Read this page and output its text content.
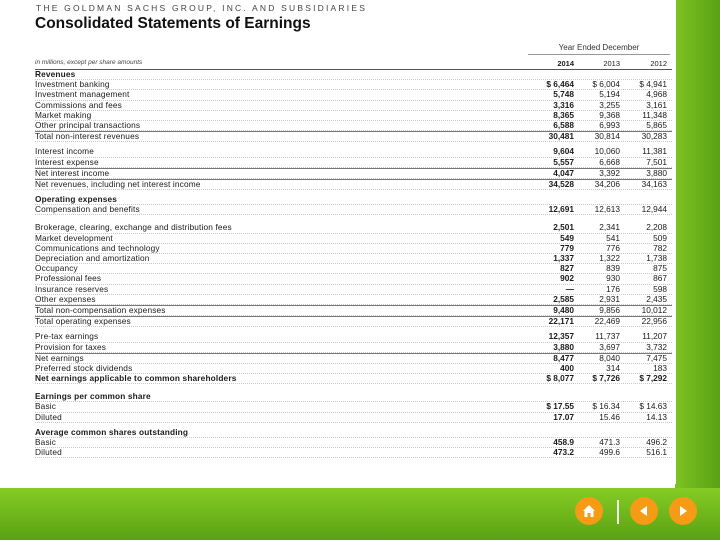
THE GOLDMAN SACHS GROUP, INC. AND SUBSIDIARIES
Consolidated Statements of Earnings
Year Ended December
in millions, except per share amounts	2014	2013	2012
Revenues
Investment banking	$ 6,464	$ 6,004	$ 4,941
Investment management	5,748	5,194	4,968
Commissions and fees	3,316	3,255	3,161
Market making	8,365	9,368	11,348
Other principal transactions	6,588	6,993	5,865
Total non-interest revenues	30,481	30,814	30,283
Interest income	9,604	10,060	11,381
Interest expense	5,557	6,668	7,501
Net interest income	4,047	3,392	3,880
Net revenues, including net interest income	34,528	34,206	34,163
Operating expenses
Compensation and benefits	12,691	12,613	12,944
Brokerage, clearing, exchange and distribution fees	2,501	2,341	2,208
Market development	549	541	509
Communications and technology	779	776	782
Depreciation and amortization	1,337	1,322	1,738
Occupancy	827	839	875
Professional fees	902	930	867
Insurance reserves	—	176	598
Other expenses	2,585	2,931	2,435
Total non-compensation expenses	9,480	9,856	10,012
Total operating expenses	22,171	22,469	22,956
Pre-tax earnings	12,357	11,737	11,207
Provision for taxes	3,880	3,697	3,732
Net earnings	8,477	8,040	7,475
Preferred stock dividends	400	314	183
Net earnings applicable to common shareholders	$ 8,077	$ 7,726	$ 7,292
Earnings per common share
Basic	$ 17.55	$ 16.34	$ 14.63
Diluted	17.07	15.46	14.13
Average common shares outstanding
Basic	458.9	471.3	496.2
Diluted	473.2	499.6	516.1
